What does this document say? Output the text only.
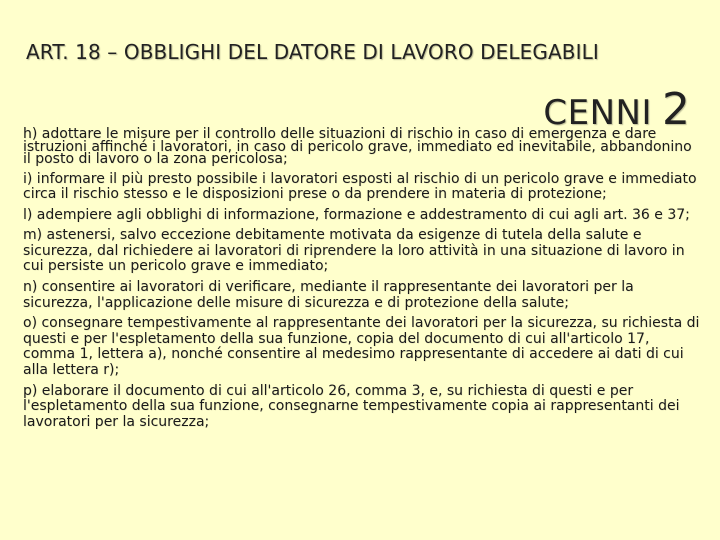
ART. 18 – OBBLIGHI DEL DATORE DI LAVORO DELEGABILI
CENNI 2

h) adottare le misure per il controllo delle situazioni di rischio in caso di emergenza e dare istruzioni affinché i lavoratori, in caso di pericolo grave, immediato ed inevitabile, abbandonino il posto di lavoro o la zona pericolosa;

i) informare il più presto possibile i lavoratori esposti al rischio di un pericolo grave e immediato circa il rischio stesso e le disposizioni prese o da prendere in materia di protezione;

l) adempiere agli obblighi di informazione, formazione e addestramento di cui agli art. 36 e 37;

m) astenersi, salvo eccezione debitamente motivata da esigenze di tutela della salute e sicurezza, dal richiedere ai lavoratori di riprendere la loro attività in una situazione di lavoro in cui persiste un pericolo grave e immediato;

n) consentire ai lavoratori di verificare, mediante il rappresentante dei lavoratori per la sicurezza, l'applicazione delle misure di sicurezza e di protezione della salute;

o) consegnare tempestivamente al rappresentante dei lavoratori per la sicurezza, su richiesta di questi e per l'espletamento della sua funzione, copia del documento di cui all'articolo 17, comma 1, lettera a), nonché consentire al medesimo rappresentante di accedere ai dati di cui alla lettera r);

p) elaborare il documento di cui all'articolo 26, comma 3, e, su richiesta di questi e per l'espletamento della sua funzione, consegnarne tempestivamente copia ai rappresentanti dei lavoratori per la sicurezza;
